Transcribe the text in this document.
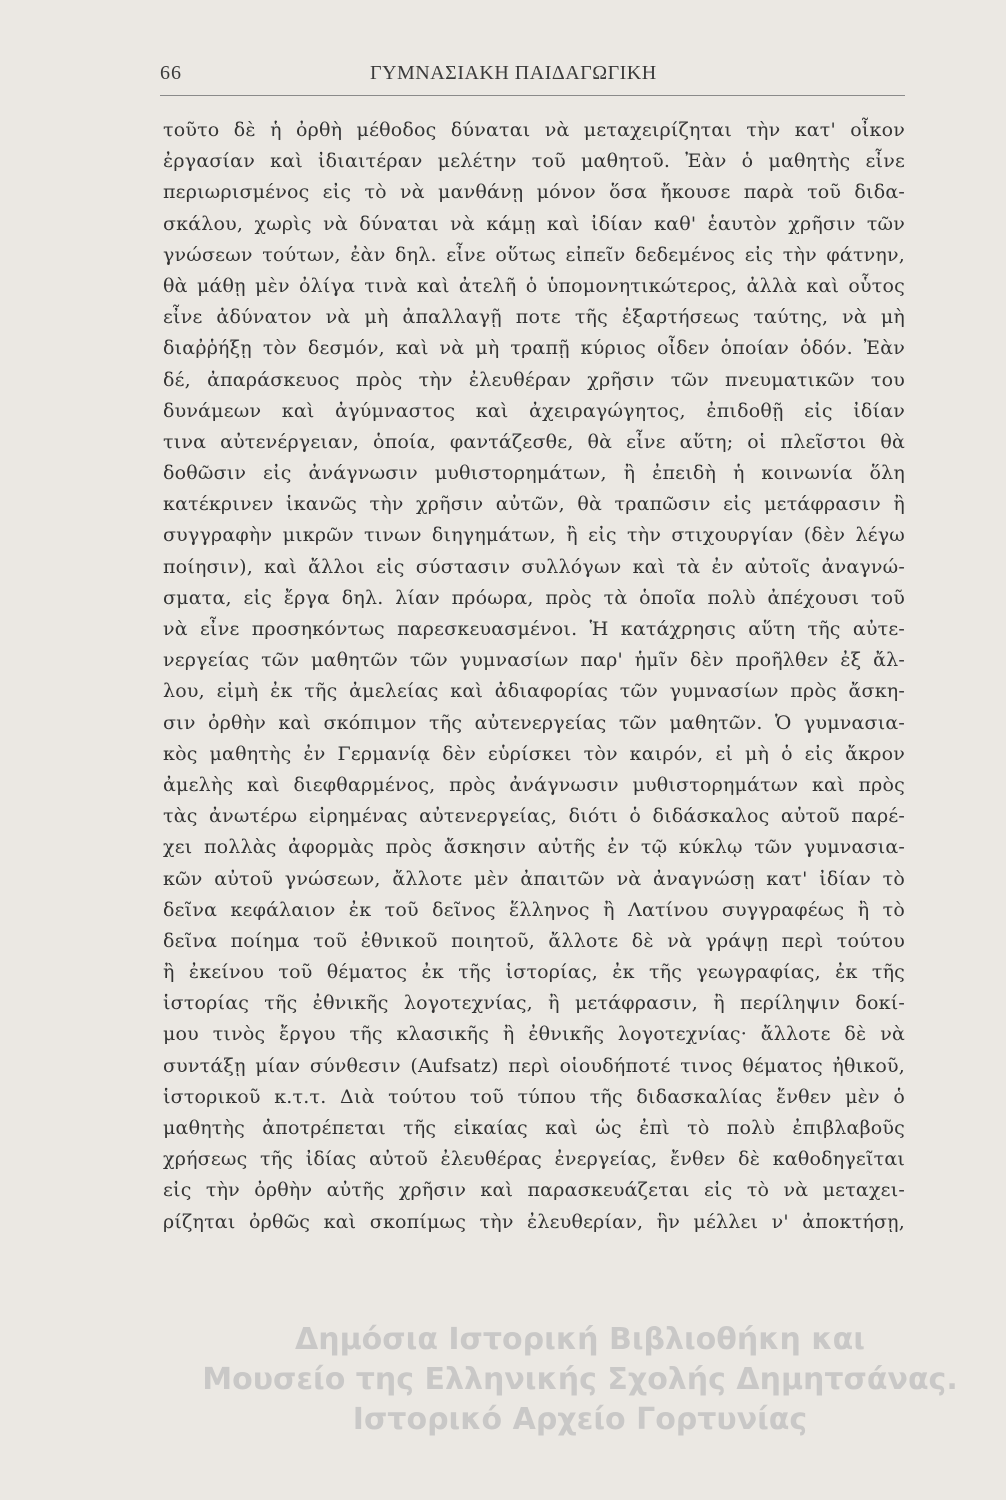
66	ΓΥΜΝΑΣΙΑΚΗ ΠΑΙΔΑΓΩΓΙΚΗ
τοῦτο δὲ ἡ ὀρθὴ μέθοδος δύναται νὰ μεταχειρίζηται τὴν κατ' οἶκον
ἐργασίαν καὶ ἰδιαιτέραν μελέτην τοῦ μαθητοῦ. Ἐὰν ὁ μαθητὴς εἶνε
περιωρισμένος εἰς τὸ νὰ μανθάνῃ μόνον ὅσα ἤκουσε παρὰ τοῦ διδα-
σκάλου, χωρὶς νὰ δύναται νὰ κάμῃ καὶ ἰδίαν καθ' ἑαυτὸν χρῆσιν τῶν
γνώσεων τούτων, ἐὰν δηλ. εἶνε οὕτως εἰπεῖν δεδεμένος εἰς τὴν φάτνην,
θὰ μάθῃ μὲν ὀλίγα τινὰ καὶ ἀτελῆ ὁ ὑπομονητικώτερος, ἀλλὰ καὶ οὗτος
εἶνε ἀδύνατον νὰ μὴ ἀπαλλαγῇ ποτε τῆς ἐξαρτήσεως ταύτης, νὰ μὴ
διαῤῥήξῃ τὸν δεσμόν, καὶ νὰ μὴ τραπῇ κύριος οἶδεν ὁποίαν ὁδόν. Ἐὰν
δέ, ἀπαράσκευος πρὸς τὴν ἐλευθέραν χρῆσιν τῶν πνευματικῶν του
δυνάμεων καὶ ἀγύμναστος καὶ ἀχειραγώγητος, ἐπιδοθῇ εἰς ἰδίαν
τινα αὐτενέργειαν, ὁποία, φαντάζεσθε, θὰ εἶνε αὕτη; οἱ πλεῖστοι θὰ
δοθῶσιν εἰς ἀνάγνωσιν μυθιστορημάτων, ἢ ἐπειδὴ ἡ κοινωνία ὅλη
κατέκρινεν ἱκανῶς τὴν χρῆσιν αὐτῶν, θὰ τραπῶσιν εἰς μετάφρασιν ἢ
συγγραφὴν μικρῶν τινων διηγημάτων, ἢ εἰς τὴν στιχουργίαν (δὲν λέγω
ποίησιν), καὶ ἄλλοι εἰς σύστασιν συλλόγων καὶ τὰ ἐν αὐτοῖς ἀναγνώ-
σματα, εἰς ἔργα δηλ. λίαν πρόωρα, πρὸς τὰ ὁποῖα πολὺ ἀπέχουσι τοῦ
νὰ εἶνε προσηκόντως παρεσκευασμένοι. Ἡ κατάχρησις αὕτη τῆς αὐτε-
νεργείας τῶν μαθητῶν τῶν γυμνασίων παρ' ἡμῖν δὲν προῆλθεν ἐξ ἄλ-
λου, εἰμὴ ἐκ τῆς ἀμελείας καὶ ἀδιαφορίας τῶν γυμνασίων πρὸς ἄσκη-
σιν ὀρθὴν καὶ σκόπιμον τῆς αὐτενεργείας τῶν μαθητῶν. Ὁ γυμνασια-
κὸς μαθητὴς ἐν Γερμανίᾳ δὲν εὑρίσκει τὸν καιρόν, εἰ μὴ ὁ εἰς ἄκρον
ἀμελὴς καὶ διεφθαρμένος, πρὸς ἀνάγνωσιν μυθιστορημάτων καὶ πρὸς
τὰς ἀνωτέρω εἰρημένας αὐτενεργείας, διότι ὁ διδάσκαλος αὐτοῦ παρέ-
χει πολλὰς ἀφορμὰς πρὸς ἄσκησιν αὐτῆς ἐν τῷ κύκλῳ τῶν γυμνασια-
κῶν αὐτοῦ γνώσεων, ἄλλοτε μὲν ἀπαιτῶν νὰ ἀναγνώσῃ κατ' ἰδίαν τὸ
δεῖνα κεφάλαιον ἐκ τοῦ δεῖνος ἕλληνος ἢ Λατίνου συγγραφέως ἢ τὸ
δεῖνα ποίημα τοῦ ἐθνικοῦ ποιητοῦ, ἄλλοτε δὲ νὰ γράψῃ περὶ τούτου
ἢ ἐκείνου τοῦ θέματος ἐκ τῆς ἱστορίας, ἐκ τῆς γεωγραφίας, ἐκ τῆς
ἱστορίας τῆς ἐθνικῆς λογοτεχνίας, ἢ μετάφρασιν, ἢ περίληψιν δοκί-
μου τινὸς ἔργου τῆς κλασικῆς ἢ ἐθνικῆς λογοτεχνίας· ἄλλοτε δὲ νὰ
συντάξῃ μίαν σύνθεσιν (Aufsatz) περὶ οἱουδήποτέ τινος θέματος ἠθικοῦ,
ἱστορικοῦ κ.τ.τ. Διὰ τούτου τοῦ τύπου τῆς διδασκαλίας ἔνθεν μὲν ὁ
μαθητὴς ἀποτρέπεται τῆς εἰκαίας καὶ ὡς ἐπὶ τὸ πολὺ ἐπιβλαβοῦς
χρήσεως τῆς ἰδίας αὐτοῦ ἐλευθέρας ἐνεργείας, ἔνθεν δὲ καθοδηγεῖται
εἰς τὴν ὀρθὴν αὐτῆς χρῆσιν καὶ παρασκευάζεται εἰς τὸ νὰ μεταχει-
ρίζηται ὀρθῶς καὶ σκοπίμως τὴν ἐλευθερίαν, ἣν μέλλει ν' ἀποκτήσῃ,
Δημόσια Ιστορική Βιβλιοθήκη και
Μουσείο της Ελληνικής Σχολής Δημητσάνας.
Ιστορικό Αρχείο Γορτυνίας
